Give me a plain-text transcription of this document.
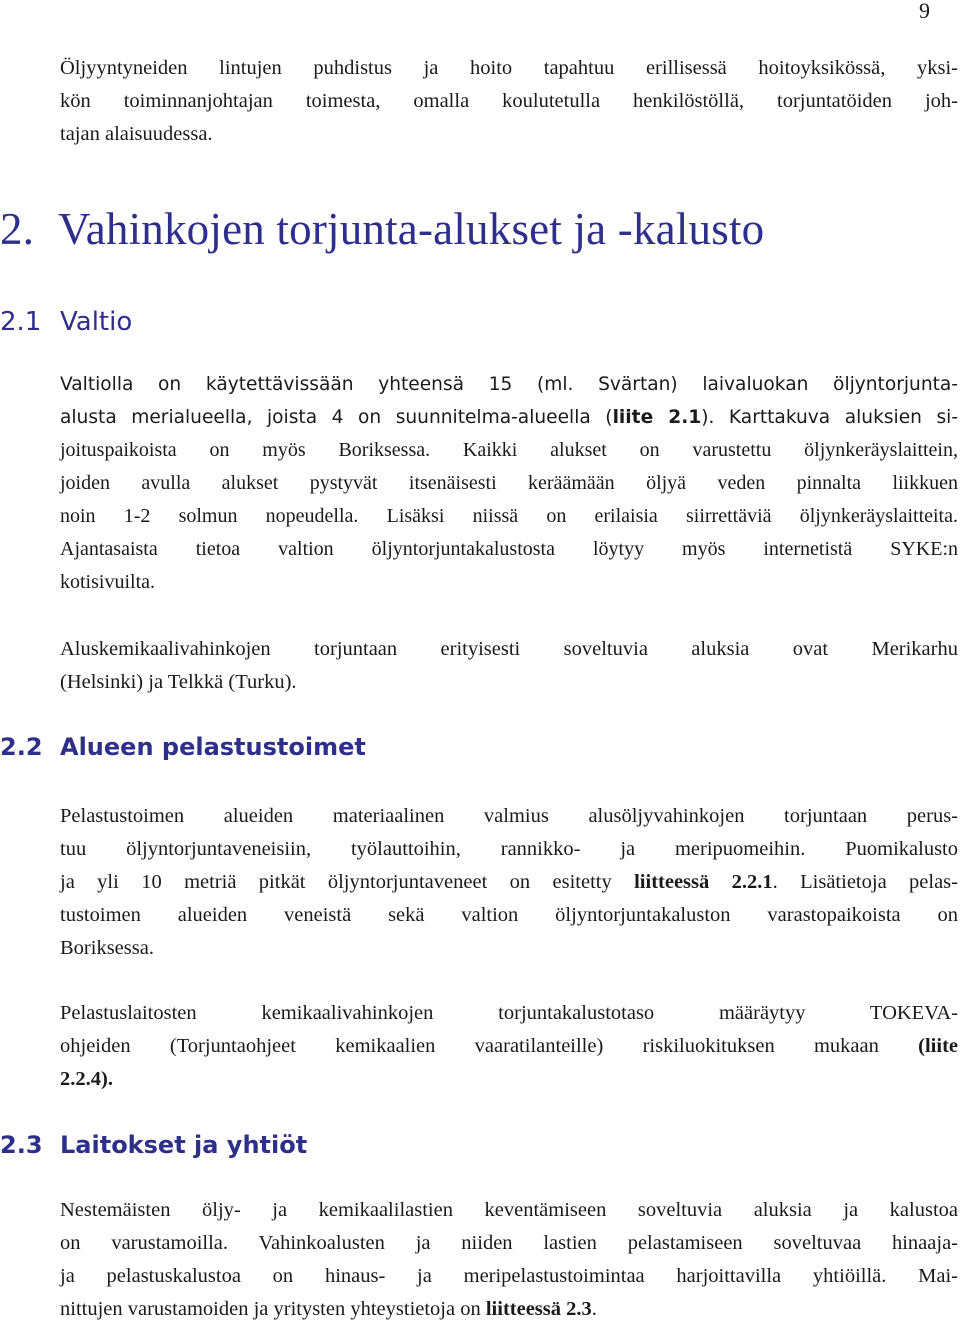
9
Öljyyntyneiden lintujen puhdistus ja hoito tapahtuu erillisessä hoitoyksikössä, yksi-
kön toiminnanjohtajan toimesta, omalla koulutetulla henkilöstöllä, torjuntatöiden joh-
tajan alaisuudessa.
2. Vahinkojen torjunta-alukset ja -kalusto
2.1 Valtio
Valtiolla on käytettävissään yhteensä 15 (ml. Svärtan) laivaluokan öljyntorjunta-
alusta merialueella, joista 4 on suunnitelma-alueella (liite 2.1). Karttakuva aluksien si-
joituspaikoista on myös Boriksessa. Kaikki alukset on varustettu öljynkeräyslaittein,
joiden avulla alukset pystyvät itsenäisesti keräämään öljyä veden pinnalta liikkuen
noin 1-2 solmun nopeudella. Lisäksi niissä on erilaisia siirrettäviä öljynkeräyslaitteita.
Ajantasaista tietoa valtion öljyntorjuntakalustosta löytyy myös internetistä SYKE:n
kotisivuilta.
Aluskemikaalivahinkojen torjuntaan erityisesti soveltuvia aluksia ovat Merikarhu
(Helsinki) ja Telkkä (Turku).
2.2 Alueen pelastustoimet
Pelastustoimen alueiden materiaalinen valmius alusöljyvahinkojen torjuntaan perus-
tuu öljyntorjuntaveneisiin, työlauttoihin, rannikko- ja meripuomeihin. Puomikalusto
ja yli 10 metriä pitkät öljyntorjuntaveneet on esitetty liitteessä 2.2.1. Lisätietoja pelas-
tustoimen alueiden veneistä sekä valtion öljyntorjuntakaluston varastopaikoista on
Boriksessa.
Pelastuslaitosten kemikaalivahinkojen torjuntakalustotaso määräytyy TOKEVA-
ohjeiden (Torjuntaohjeet kemikaalien vaaratilanteille) riskiluokituksen mukaan (liite
2.2.4).
2.3 Laitokset ja yhtiöt
Nestemäisten öljy- ja kemikaalilastien keventämiseen soveltuvia aluksia ja kalustoa
on varustamoilla. Vahinkoalusten ja niiden lastien pelastamiseen soveltuvaa hinaaja-
ja pelastuskalustoa on hinaus- ja meripelastustoimintaa harjoittavilla yhtiöillä. Mai-
nittujen varustamoiden ja yritysten yhteystietoja on liitteessä 2.3.
